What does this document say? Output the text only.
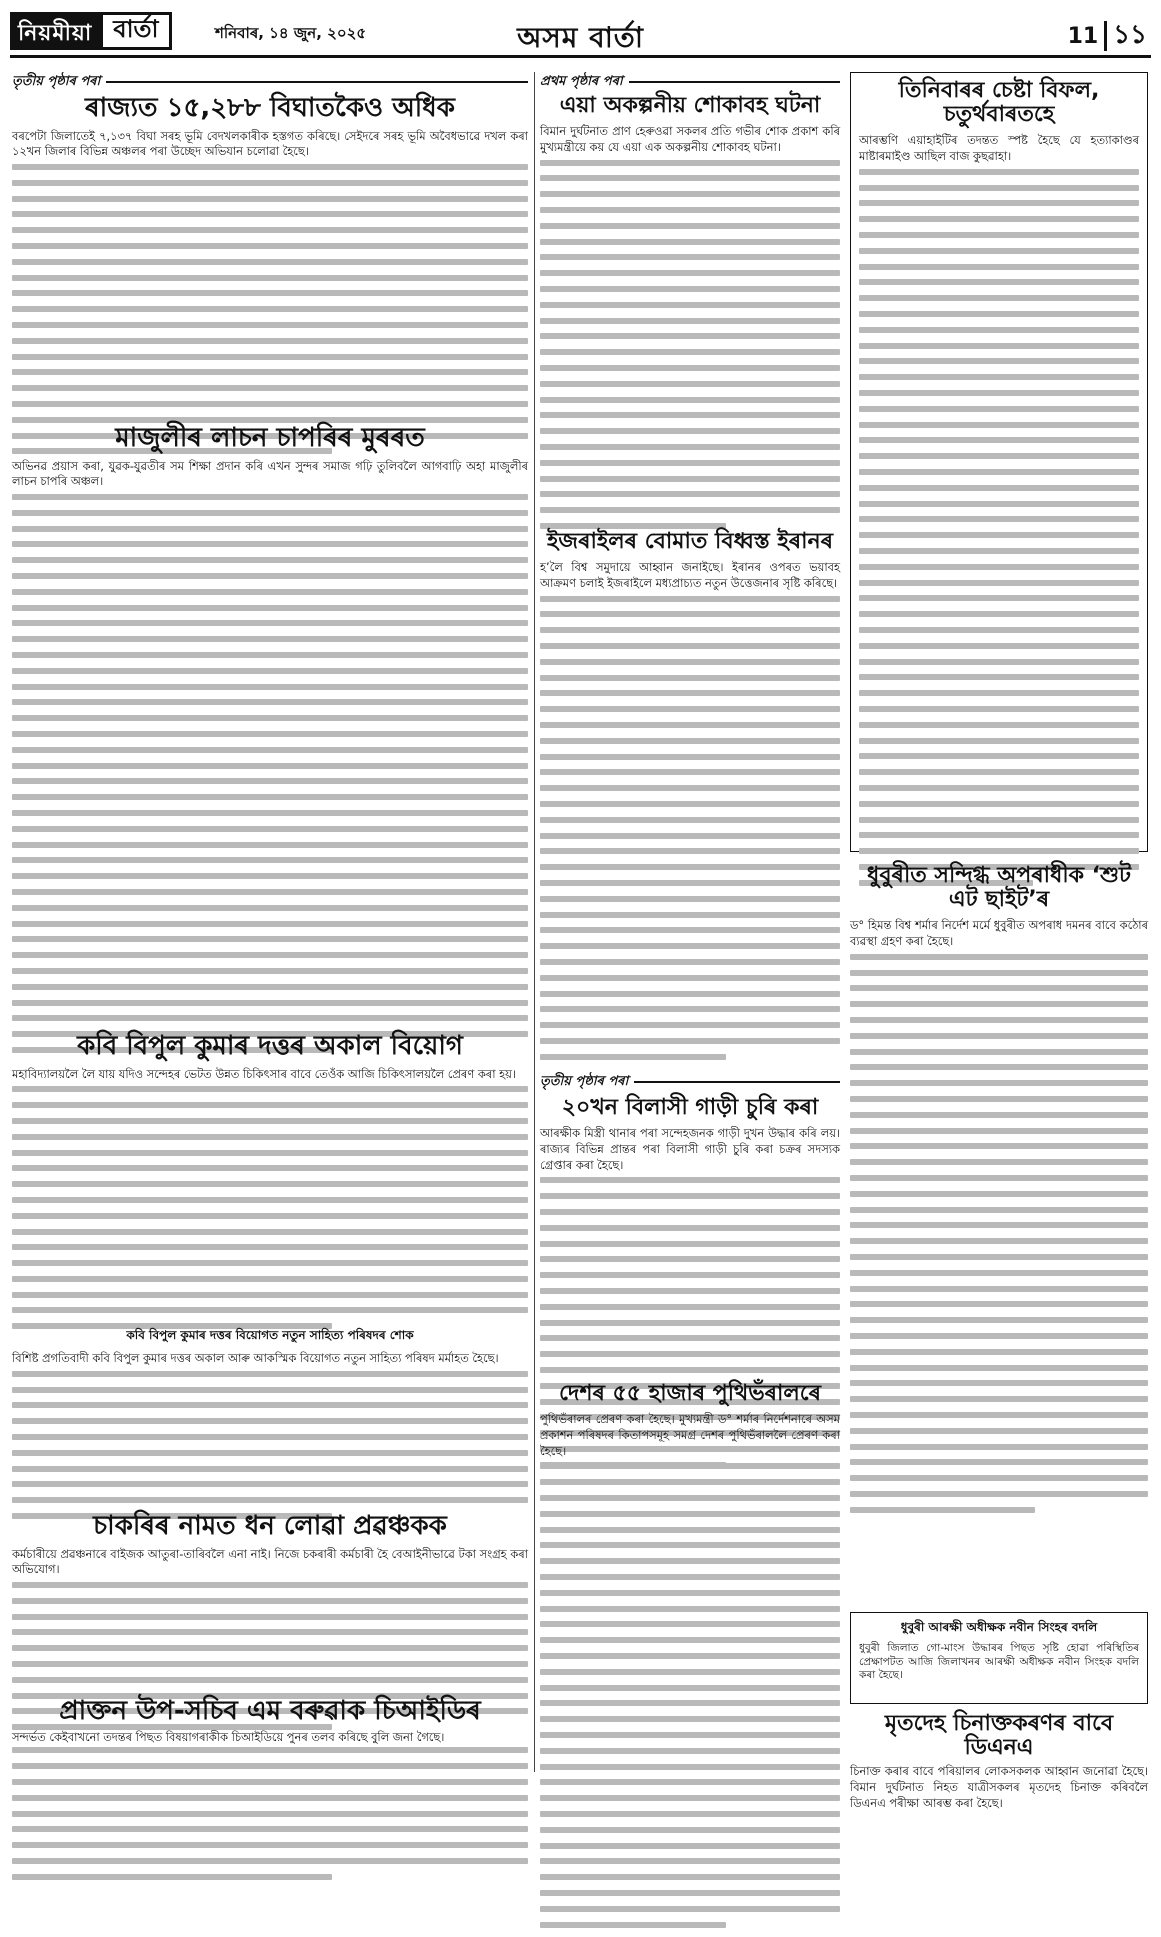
নিয়মীয়া বাৰ্তা	শনিবাৰ, ১৪ জুন, ২০২৫	অসম বাৰ্তা	11 ১১
তৃতীয় পৃষ্ঠাৰ পৰা
ৰাজ্যত ১৫,২৮৮ বিঘাতকৈও অধিক
বৰপেটা জিলাতেই ৭,১৩৭ বিঘা সৰহ ভূমি বেদখলকাৰীক হস্তগত কৰিছে। সেইদৰে সৰহ ভূমি অবৈধভাৱে দখল কৰা ১২খন জিলাৰ বিভিন্ন অঞ্চলৰ পৰা উচ্ছেদ অভিযান চলোৱা হৈছে।
মাজুলীৰ লাচন চাপৰিৰ মুৰৰত
অভিনৱ প্ৰয়াস কৰা, যুৱক-যুৱতীৰ সম শিক্ষা প্ৰদান কৰি এখন সুন্দৰ সমাজ গঢ়ি তুলিবলৈ আগবাঢ়ি অহা মাজুলীৰ লাচন চাপৰি অঞ্চল।
কবি বিপুল কুমাৰ দত্তৰ অকাল বিয়োগ
মহাবিদ্যালয়লৈ লৈ যায় যদিও সন্দেহৰ ভেটত উন্নত চিকিৎসাৰ বাবে তেওঁক আজি চিকিৎসালয়লৈ প্ৰেৰণ কৰা হয়।
কবি বিপুল কুমাৰ দত্তৰ বিয়োগত নতুন সাহিত্য পৰিষদৰ শোক
বিশিষ্ট প্ৰগতিবাদী কবি বিপুল কুমাৰ দত্তৰ অকাল আৰু আকস্মিক বিয়োগত নতুন সাহিত্য পৰিষদ মৰ্মাহত হৈছে।
চাকৰিৰ নামত ধন লোৱা প্ৰৱঞ্চকক
কৰ্মচাৰীয়ে প্ৰৱঞ্চনাৰে বাইজক আতুৰা-তাৰিবলৈ এনা নাই। নিজে চকৰাৰী কৰ্মচাৰী হৈ বেআইনীভাৱে টকা সংগ্ৰহ কৰা অভিযোগ।
প্ৰাক্তন উপ-সচিব এম বৰুৱাক চিআইডিৰ
সন্দৰ্ভত কেইবাখনো তদন্তৰ পিছত বিষয়াগৰাকীক চিআইডিয়ে পুনৰ তলব কৰিছে বুলি জনা গৈছে।
প্ৰথম পৃষ্ঠাৰ পৰা
এয়া অকল্পনীয় শোকাবহ ঘটনা
বিমান দুৰ্ঘটনাত প্ৰাণ হেৰুওৱা সকলৰ প্ৰতি গভীৰ শোক প্ৰকাশ কৰি মুখ্যমন্ত্ৰীয়ে কয় যে এয়া এক অকল্পনীয় শোকাবহ ঘটনা।
তিনিবাৰৰ চেষ্টা বিফল, চতুৰ্থবাৰতহে
আৰম্ভণি এয়াহাইটিৰ তদন্তত স্পষ্ট হৈছে যে হত্যাকাণ্ডৰ মাষ্টাৰমাইণ্ড আছিল বাজ কুছৱাহা।
ইজৰাইলৰ বোমাত বিধ্বস্ত ইৰানৰ
হ’লৈ বিশ্ব সমুদায়ে আহ্বান জনাইছে। ইৰানৰ ওপৰত ভয়াবহ আক্ৰমণ চলাই ইজৰাইলে মধ্যপ্ৰাচ্যত নতুন উত্তেজনাৰ সৃষ্টি কৰিছে।
তৃতীয় পৃষ্ঠাৰ পৰা
২০খন বিলাসী গাড়ী চুৰি কৰা
আৰক্ষীক মিস্ত্ৰী থানাৰ পৰা সন্দেহজনক গাড়ী দুখন উদ্ধাৰ কৰি লয়। ৰাজ্যৰ বিভিন্ন প্ৰান্তৰ পৰা বিলাসী গাড়ী চুৰি কৰা চক্ৰৰ সদস্যক গ্ৰেপ্তাৰ কৰা হৈছে।
ধুবুৰীত সন্দিগ্ধ অপৰাধীক ‘শুট এট ছাইট’ৰ
ড° হিমন্ত বিশ্ব শৰ্মাৰ নিৰ্দেশ মৰ্মে ধুবুৰীত অপৰাধ দমনৰ বাবে কঠোৰ ব্যৱস্থা গ্ৰহণ কৰা হৈছে।
দেশৰ ৫৫ হাজাৰ পুথিভঁৰালৰে
পুথিভঁৰালৰ প্ৰেৰণ কৰা হৈছে। মুখ্যমন্ত্ৰী ড° শৰ্মাৰ নিৰ্দেশনাৰে অসম প্ৰকাশন পৰিষদৰ কিতাপসমূহ সমগ্ৰ দেশৰ পুথিভঁৰাললৈ প্ৰেৰণ কৰা হৈছে।
ধুবুৰী আৰক্ষী অধীক্ষক নবীন সিংহৰ বদলি
ধুবুৰী জিলাত গো-মাংস উদ্ধাৰৰ পিছত সৃষ্টি হোৱা পৰিস্থিতিৰ প্ৰেক্ষাপটত আজি জিলাখনৰ আৰক্ষী অধীক্ষক নবীন সিংহক বদলি কৰা হৈছে।
মৃতদেহ চিনাক্তকৰণৰ বাবে ডিএনএ
চিনাক্ত কৰাৰ বাবে পৰিয়ালৰ লোকসকলক আহ্বান জনোৱা হৈছে। বিমান দুৰ্ঘটনাত নিহত যাত্ৰীসকলৰ মৃতদেহ চিনাক্ত কৰিবলৈ ডিএনএ পৰীক্ষা আৰম্ভ কৰা হৈছে।
